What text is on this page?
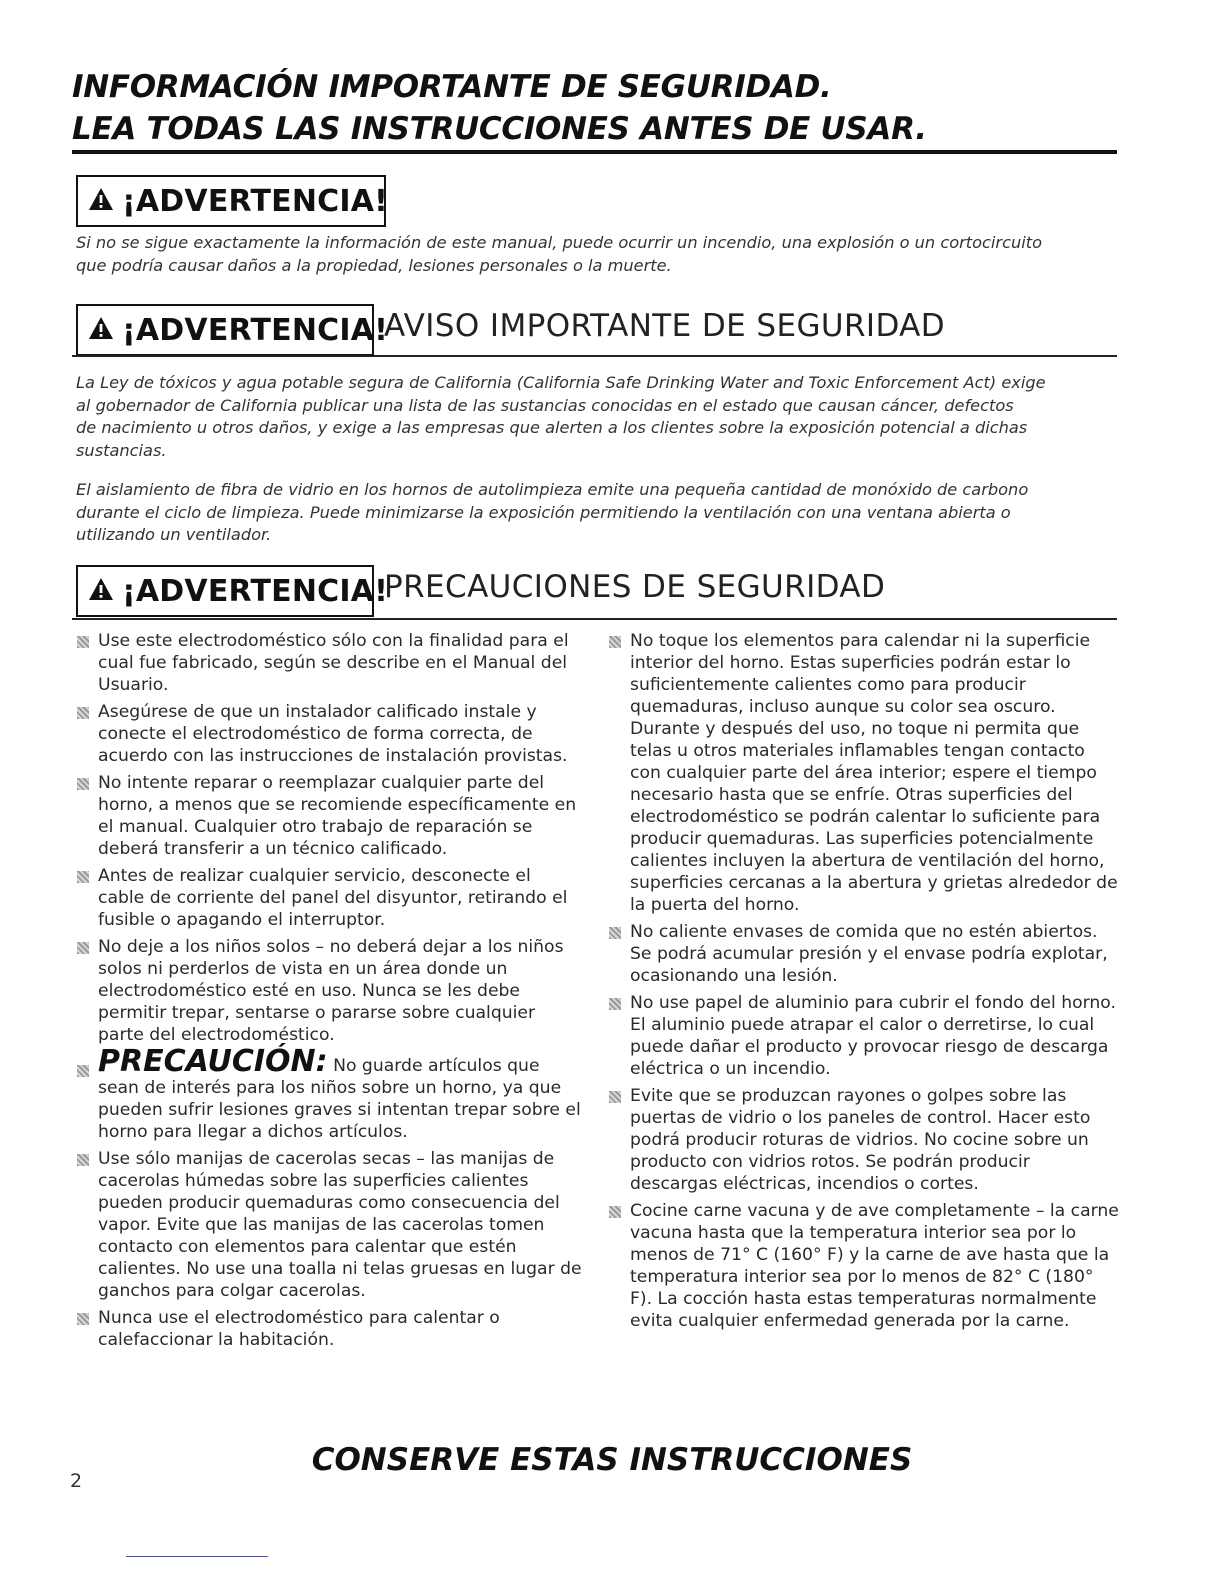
INFORMACIÓN IMPORTANTE DE SEGURIDAD.
LEA TODAS LAS INSTRUCCIONES ANTES DE USAR.
¡ADVERTENCIA!

Si no se sigue exactamente la información de este manual, puede ocurrir un incendio, una explosión o un cortocircuito
que podría causar daños a la propiedad, lesiones personales o la muerte.

¡ADVERTENCIA!
AVISO IMPORTANTE DE SEGURIDAD

La Ley de tóxicos y agua potable segura de California (California Safe Drinking Water and Toxic Enforcement Act) exige
al gobernador de California publicar una lista de las sustancias conocidas en el estado que causan cáncer, defectos
de nacimiento u otros daños, y exige a las empresas que alerten a los clientes sobre la exposición potencial a dichas
sustancias.

El aislamiento de fibra de vidrio en los hornos de autolimpieza emite una pequeña cantidad de monóxido de carbono
durante el ciclo de limpieza. Puede minimizarse la exposición permitiendo la ventilación con una ventana abierta o
utilizando un ventilador.

¡ADVERTENCIA!
PRECAUCIONES DE SEGURIDAD
Use este electrodoméstico sólo con la finalidad para el cual fue fabricado, según se describe en el Manual del Usuario.
Asegúrese de que un instalador calificado instale y conecte el electrodoméstico de forma correcta, de acuerdo con las instrucciones de instalación provistas.
No intente reparar o reemplazar cualquier parte del horno, a menos que se recomiende específicamente en el manual. Cualquier otro trabajo de reparación se deberá transferir a un técnico calificado.
Antes de realizar cualquier servicio, desconecte el cable de corriente del panel del disyuntor, retirando el fusible o apagando el interruptor.
No deje a los niños solos – no deberá dejar a los niños solos ni perderlos de vista en un área donde un electrodoméstico esté en uso. Nunca se les debe permitir trepar, sentarse o pararse sobre cualquier parte del electrodoméstico.
PRECAUCIÓN: No guarde artículos que sean de interés para los niños sobre un horno, ya que pueden sufrir lesiones graves si intentan trepar sobre el horno para llegar a dichos artículos.
Use sólo manijas de cacerolas secas – las manijas de cacerolas húmedas sobre las superficies calientes pueden producir quemaduras como consecuencia del vapor. Evite que las manijas de las cacerolas tomen contacto con elementos para calentar que estén calientes. No use una toalla ni telas gruesas en lugar de ganchos para colgar cacerolas.
Nunca use el electrodoméstico para calentar o calefaccionar la habitación.
No toque los elementos para calendar ni la superficie interior del horno. Estas superficies podrán estar lo suficientemente calientes como para producir quemaduras, incluso aunque su color sea oscuro. Durante y después del uso, no toque ni permita que telas u otros materiales inflamables tengan contacto con cualquier parte del área interior; espere el tiempo necesario hasta que se enfríe. Otras superficies del electrodoméstico se podrán calentar lo suficiente para producir quemaduras. Las superficies potencialmente calientes incluyen la abertura de ventilación del horno, superficies cercanas a la abertura y grietas alrededor de la puerta del horno.
No caliente envases de comida que no estén abiertos. Se podrá acumular presión y el envase podría explotar, ocasionando una lesión.
No use papel de aluminio para cubrir el fondo del horno. El aluminio puede atrapar el calor o derretirse, lo cual puede dañar el producto y provocar riesgo de descarga eléctrica o un incendio.
Evite que se produzcan rayones o golpes sobre las puertas de vidrio o los paneles de control. Hacer esto podrá producir roturas de vidrios. No cocine sobre un producto con vidrios rotos. Se podrán producir descargas eléctricas, incendios o cortes.
Cocine carne vacuna y de ave completamente – la carne vacuna hasta que la temperatura interior sea por lo menos de 71° C (160° F) y la carne de ave hasta que la temperatura interior sea por lo menos de 82° C (180° F). La cocción hasta estas temperaturas normalmente evita cualquier enfermedad generada por la carne.
CONSERVE ESTAS INSTRUCCIONES
2
